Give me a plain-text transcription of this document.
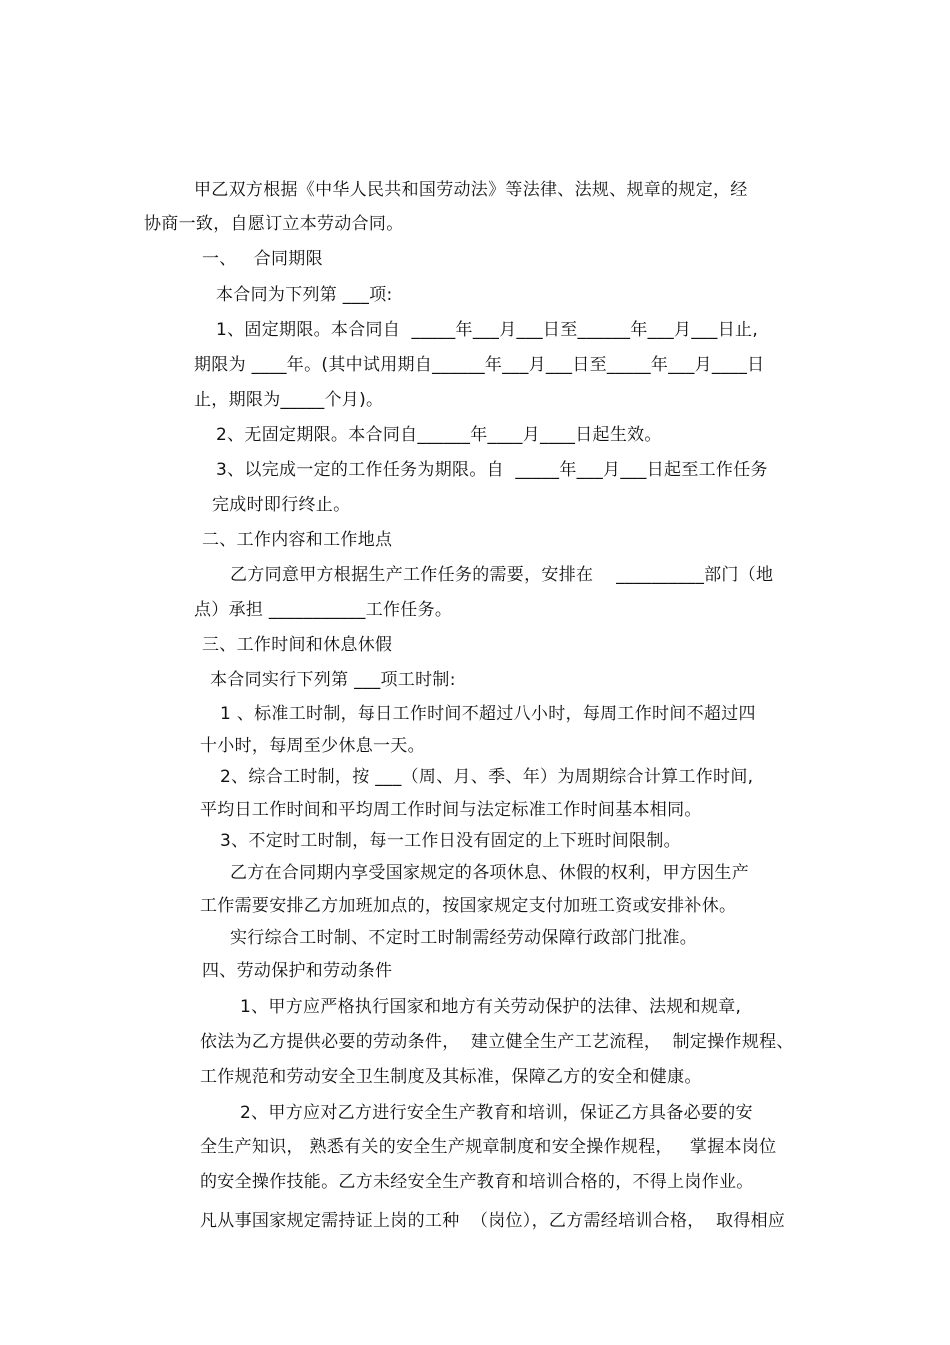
甲乙双方根据《中华人民共和国劳动法》等法律、法规、规章的规定，经
协商一致，自愿订立本劳动合同。
一、   合同期限
本合同为下列第 ___项:
1、固定期限。本合同自  _____年___月___日至______年___月___日止,
期限为 ____年。(其中试用期自______年___月___日至_____年___月____日
止，期限为_____个月)。
2、无固定期限。本合同自______年____月____日起生效。
3、以完成一定的工作任务为期限。自  _____年___月___日起至工作任务
完成时即行终止。
二、工作内容和工作地点
乙方同意甲方根据生产工作任务的需要，安排在    __________部门（地
点）承担 ___________工作任务。
三、工作时间和休息休假
本合同实行下列第 ___项工时制:
1 、标准工时制，每日工作时间不超过八小时，每周工作时间不超过四
十小时，每周至少休息一天。
2、综合工时制，按 ___（周、月、季、年）为周期综合计算工作时间,
平均日工作时间和平均周工作时间与法定标准工作时间基本相同。
3、不定时工时制，每一工作日没有固定的上下班时间限制。
乙方在合同期内享受国家规定的各项休息、休假的权利，甲方因生产
工作需要安排乙方加班加点的，按国家规定支付加班工资或安排补休。
实行综合工时制、不定时工时制需经劳动保障行政部门批准。
四、劳动保护和劳动条件
1、甲方应严格执行国家和地方有关劳动保护的法律、法规和规章,
依法为乙方提供必要的劳动条件，  建立健全生产工艺流程，  制定操作规程、
工作规范和劳动安全卫生制度及其标准，保障乙方的安全和健康。
2、甲方应对乙方进行安全生产教育和培训，保证乙方具备必要的安
全生产知识， 熟悉有关的安全生产规章制度和安全操作规程，   掌握本岗位
的安全操作技能。乙方未经安全生产教育和培训合格的，不得上岗作业。
凡从事国家规定需持证上岗的工种  （岗位），乙方需经培训合格，  取得相应
